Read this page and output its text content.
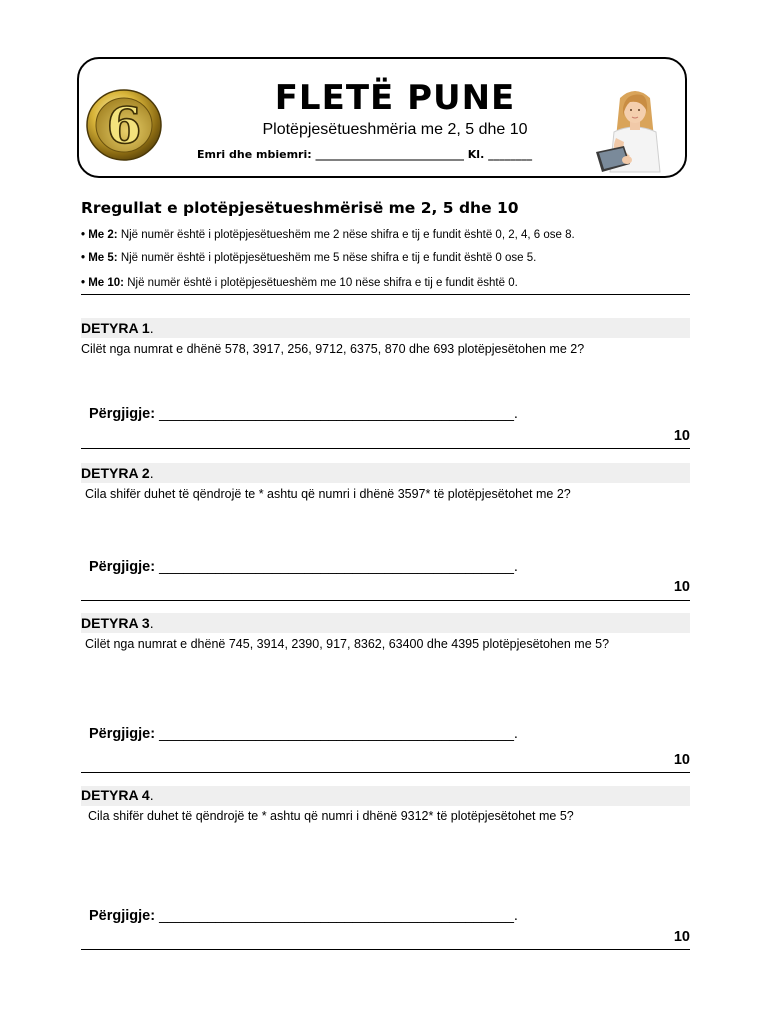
6	FLETË PUNE
Plotëpjesëtueshmëria me 2, 5 dhe 10
Emri dhe mbiemri: ___________________________ Kl. ________
Rregullat e plotëpjesëtueshmërisë me 2, 5 dhe 10
• Me 2: Një numër është i plotëpjesëtueshëm me 2 nëse shifra e tij e fundit është 0, 2, 4, 6 ose 8.
• Me 5: Një numër është i plotëpjesëtueshëm me 5 nëse shifra e tij e fundit është 0 ose 5.
• Me 10: Një numër është i plotëpjesëtueshëm me 10 nëse shifra e tij e fundit është 0.
DETYRA 1.
Cilët nga numrat e dhënë 578, 3917, 256, 9712, 6375, 870 dhe 693 plotëpjesëtohen me 2?
Përgjigje: ____________________________________________.
10
DETYRA 2.
Cila shifër duhet të qëndrojë te * ashtu që numri i dhënë 3597* të plotëpjesëtohet me 2?
Përgjigje: ____________________________________________.
10
DETYRA 3.
Cilët nga numrat e dhënë 745, 3914, 2390, 917, 8362, 63400 dhe 4395 plotëpjesëtohen me 5?
Përgjigje: ____________________________________________.
10
DETYRA 4.
Cila shifër duhet të qëndrojë te * ashtu që numri i dhënë 9312* të plotëpjesëtohet me 5?
Përgjigje: ____________________________________________.
10
